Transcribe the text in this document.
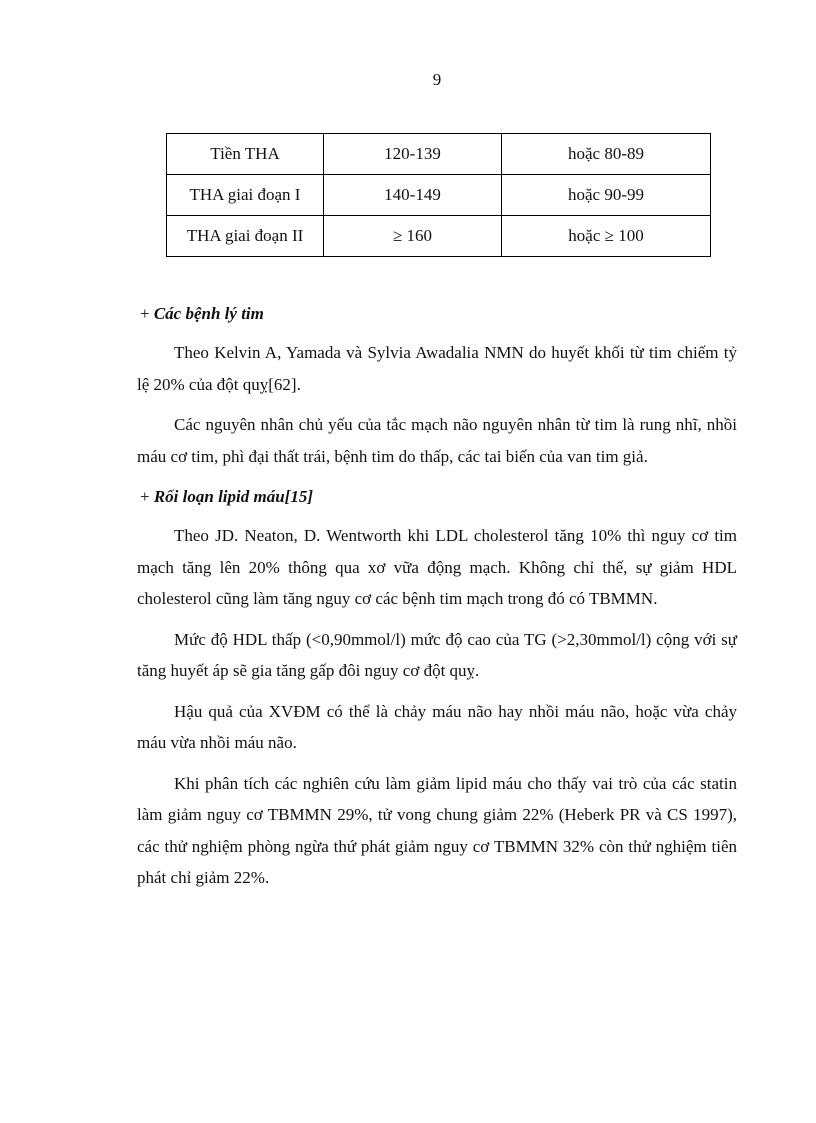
9
Tiền THA	120-139	hoặc 80-89
THA giai đoạn I	140-149	hoặc 90-99
THA giai đoạn II	≥ 160	hoặc ≥ 100

+ Các bệnh lý tim

Theo Kelvin A, Yamada và Sylvia Awadalia NMN do huyết khối từ tim chiếm tỷ lệ 20% của đột quỵ[62].

Các nguyên nhân chủ yếu của tắc mạch não nguyên nhân từ tim là rung nhĩ, nhồi máu cơ tim, phì đại thất trái, bệnh tim do thấp, các tai biến của van tim giả.

+ Rối loạn lipid máu[15]

Theo JD. Neaton, D. Wentworth khi LDL cholesterol tăng 10% thì nguy cơ tim mạch tăng lên 20% thông qua xơ vữa động mạch. Không chỉ thế, sự giảm HDL cholesterol cũng làm tăng nguy cơ các bệnh tim mạch trong đó có TBMMN.

Mức độ HDL thấp (<0,90mmol/l) mức độ cao của TG (>2,30mmol/l) cộng với sự tăng huyết áp sẽ gia tăng gấp đôi nguy cơ đột quỵ.

Hậu quả của XVĐM có thể là chảy máu não hay nhồi máu não, hoặc vừa chảy máu vừa nhồi máu não.

Khi phân tích các nghiên cứu làm giảm lipid máu cho thấy vai trò của các statin làm giảm nguy cơ TBMMN 29%, tử vong chung giảm 22% (Heberk PR và CS 1997), các thử nghiệm phòng ngừa thứ phát giảm nguy cơ TBMMN 32% còn thử nghiệm tiên phát chỉ giảm 22%.
